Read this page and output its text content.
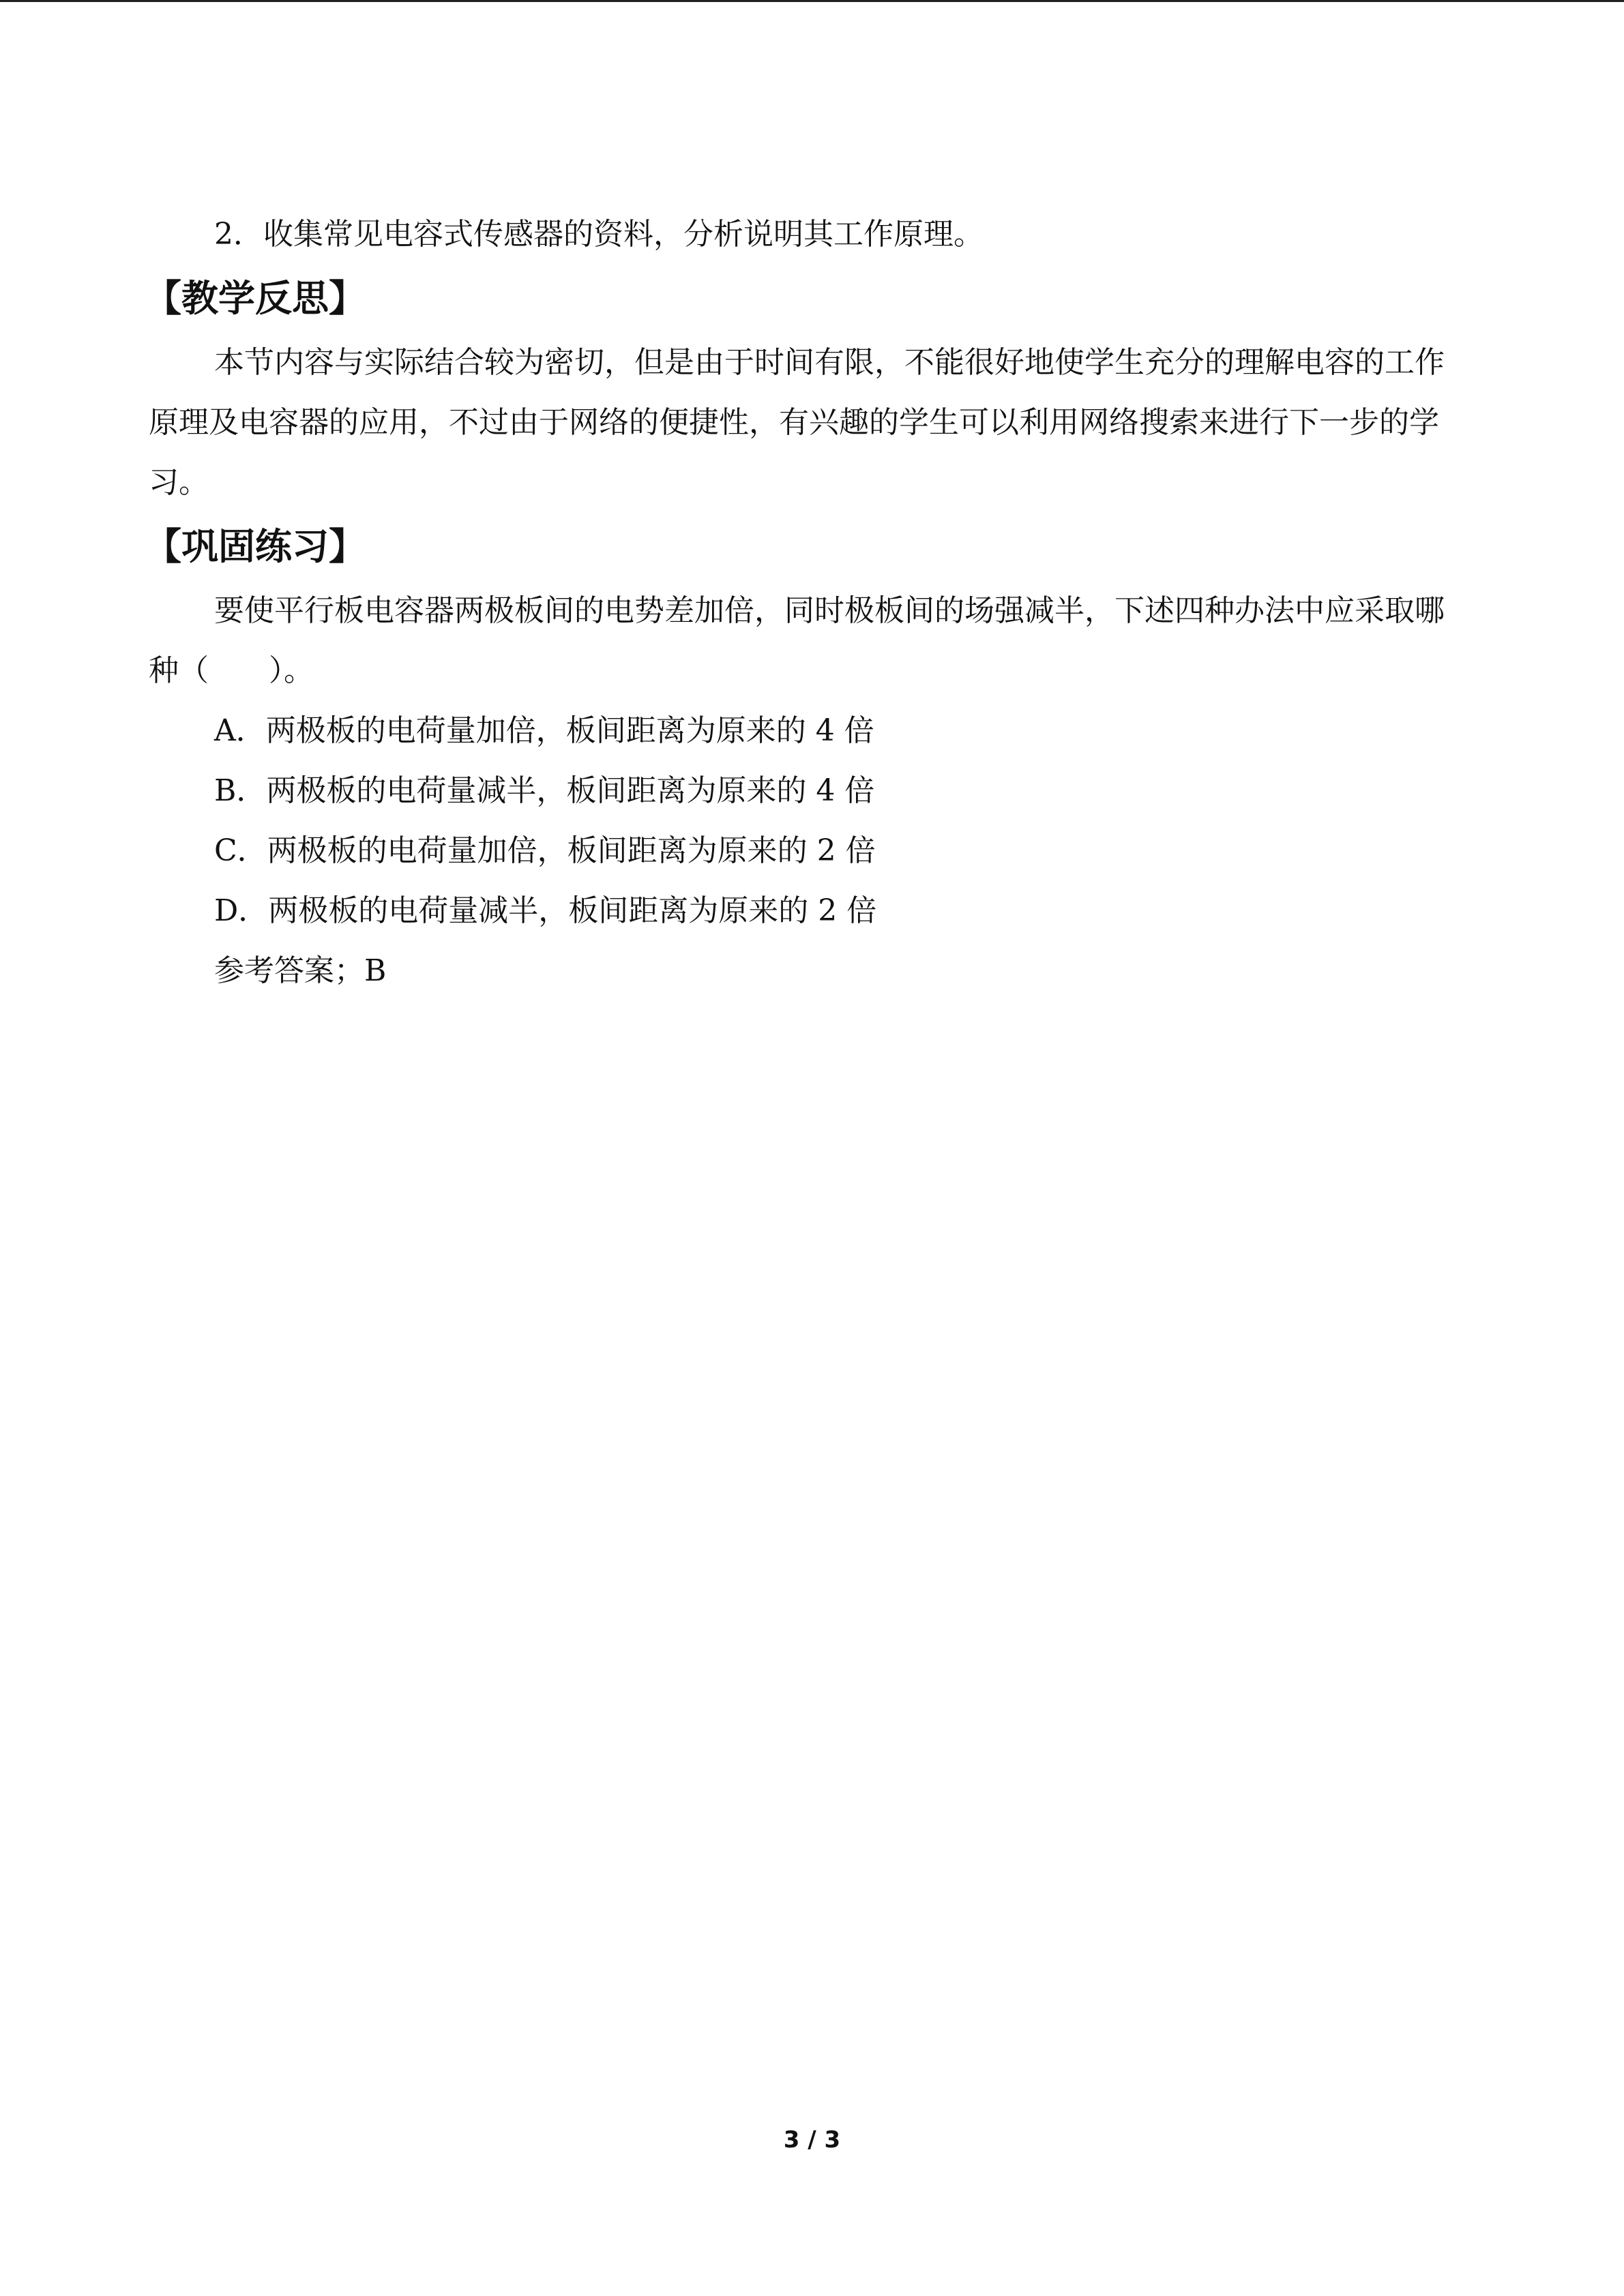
2．收集常见电容式传感器的资料，分析说明其工作原理。

【教学反思】

本节内容与实际结合较为密切，但是由于时间有限，不能很好地使学生充分的理解电容的工作原理及电容器的应用，不过由于网络的便捷性，有兴趣的学生可以利用网络搜索来进行下一步的学习。

【巩固练习】

要使平行板电容器两极板间的电势差加倍，同时极板间的场强减半，下述四种办法中应采取哪种（　　）。

A．两极板的电荷量加倍，板间距离为原来的 4 倍

B．两极板的电荷量减半，板间距离为原来的 4 倍

C．两极板的电荷量加倍，板间距离为原来的 2 倍

D．两极板的电荷量减半，板间距离为原来的 2 倍

参考答案；B

3 / 3
